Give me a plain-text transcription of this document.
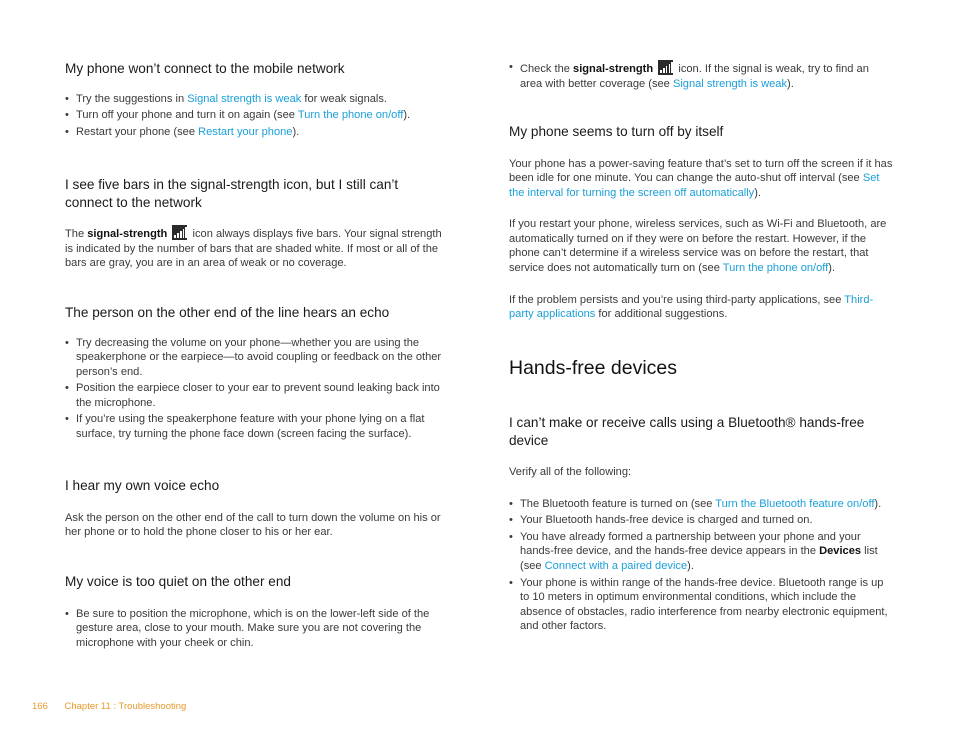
My phone won’t connect to the mobile network
• Try the suggestions in Signal strength is weak for weak signals.
• Turn off your phone and turn it on again (see Turn the phone on/off).
• Restart your phone (see Restart your phone).
I see five bars in the signal-strength icon, but I still can’t connect to the network

The signal-strength
icon always displays five bars. Your signal strength is indicated by the number of bars that are shaded white. If most or all of the bars are gray, you are in an area of weak or no coverage.

The person on the other end of the line hears an echo
• Try decreasing the volume on your phone—whether you are using the speakerphone or the earpiece—to avoid coupling or feedback on the other person’s end.
• Position the earpiece closer to your ear to prevent sound leaking back into the microphone.
• If you’re using the speakerphone feature with your phone lying on a flat surface, try turning the phone face down (screen facing the surface).
I hear my own voice echo

Ask the person on the other end of the call to turn down the volume on his or her phone or to hold the phone closer to his or her ear.

My voice is too quiet on the other end
• Be sure to position the microphone, which is on the lower-left side of the gesture area, close to your mouth. Make sure you are not covering the microphone with your cheek or chin.
• Check the signal-strength
icon. If the signal is weak, try to find an area with better coverage (see Signal strength is weak).
My phone seems to turn off by itself

Your phone has a power-saving feature that’s set to turn off the screen if it has been idle for one minute. You can change the auto-shut off interval (see Set the interval for turning the screen off automatically).

If you restart your phone, wireless services, such as Wi-Fi and Bluetooth, are automatically turned on if they were on before the restart. However, if the phone can’t determine if a wireless service was on before the restart, that service does not automatically turn on (see Turn the phone on/off).

If the problem persists and you’re using third-party applications, see Third-party applications for additional suggestions.

Hands-free devices
I can’t make or receive calls using a Bluetooth® hands-free device

Verify all of the following:

• The Bluetooth feature is turned on (see Turn the Bluetooth feature on/off).
• Your Bluetooth hands-free device is charged and turned on.
• You have already formed a partnership between your phone and your hands-free device, and the hands-free device appears in the Devices list (see Connect with a paired device).
• Your phone is within range of the hands-free device. Bluetooth range is up to 10 meters in optimum environmental conditions, which include the absence of obstacles, radio interference from nearby electronic equipment, and other factors.
166 Chapter 11 : Troubleshooting
